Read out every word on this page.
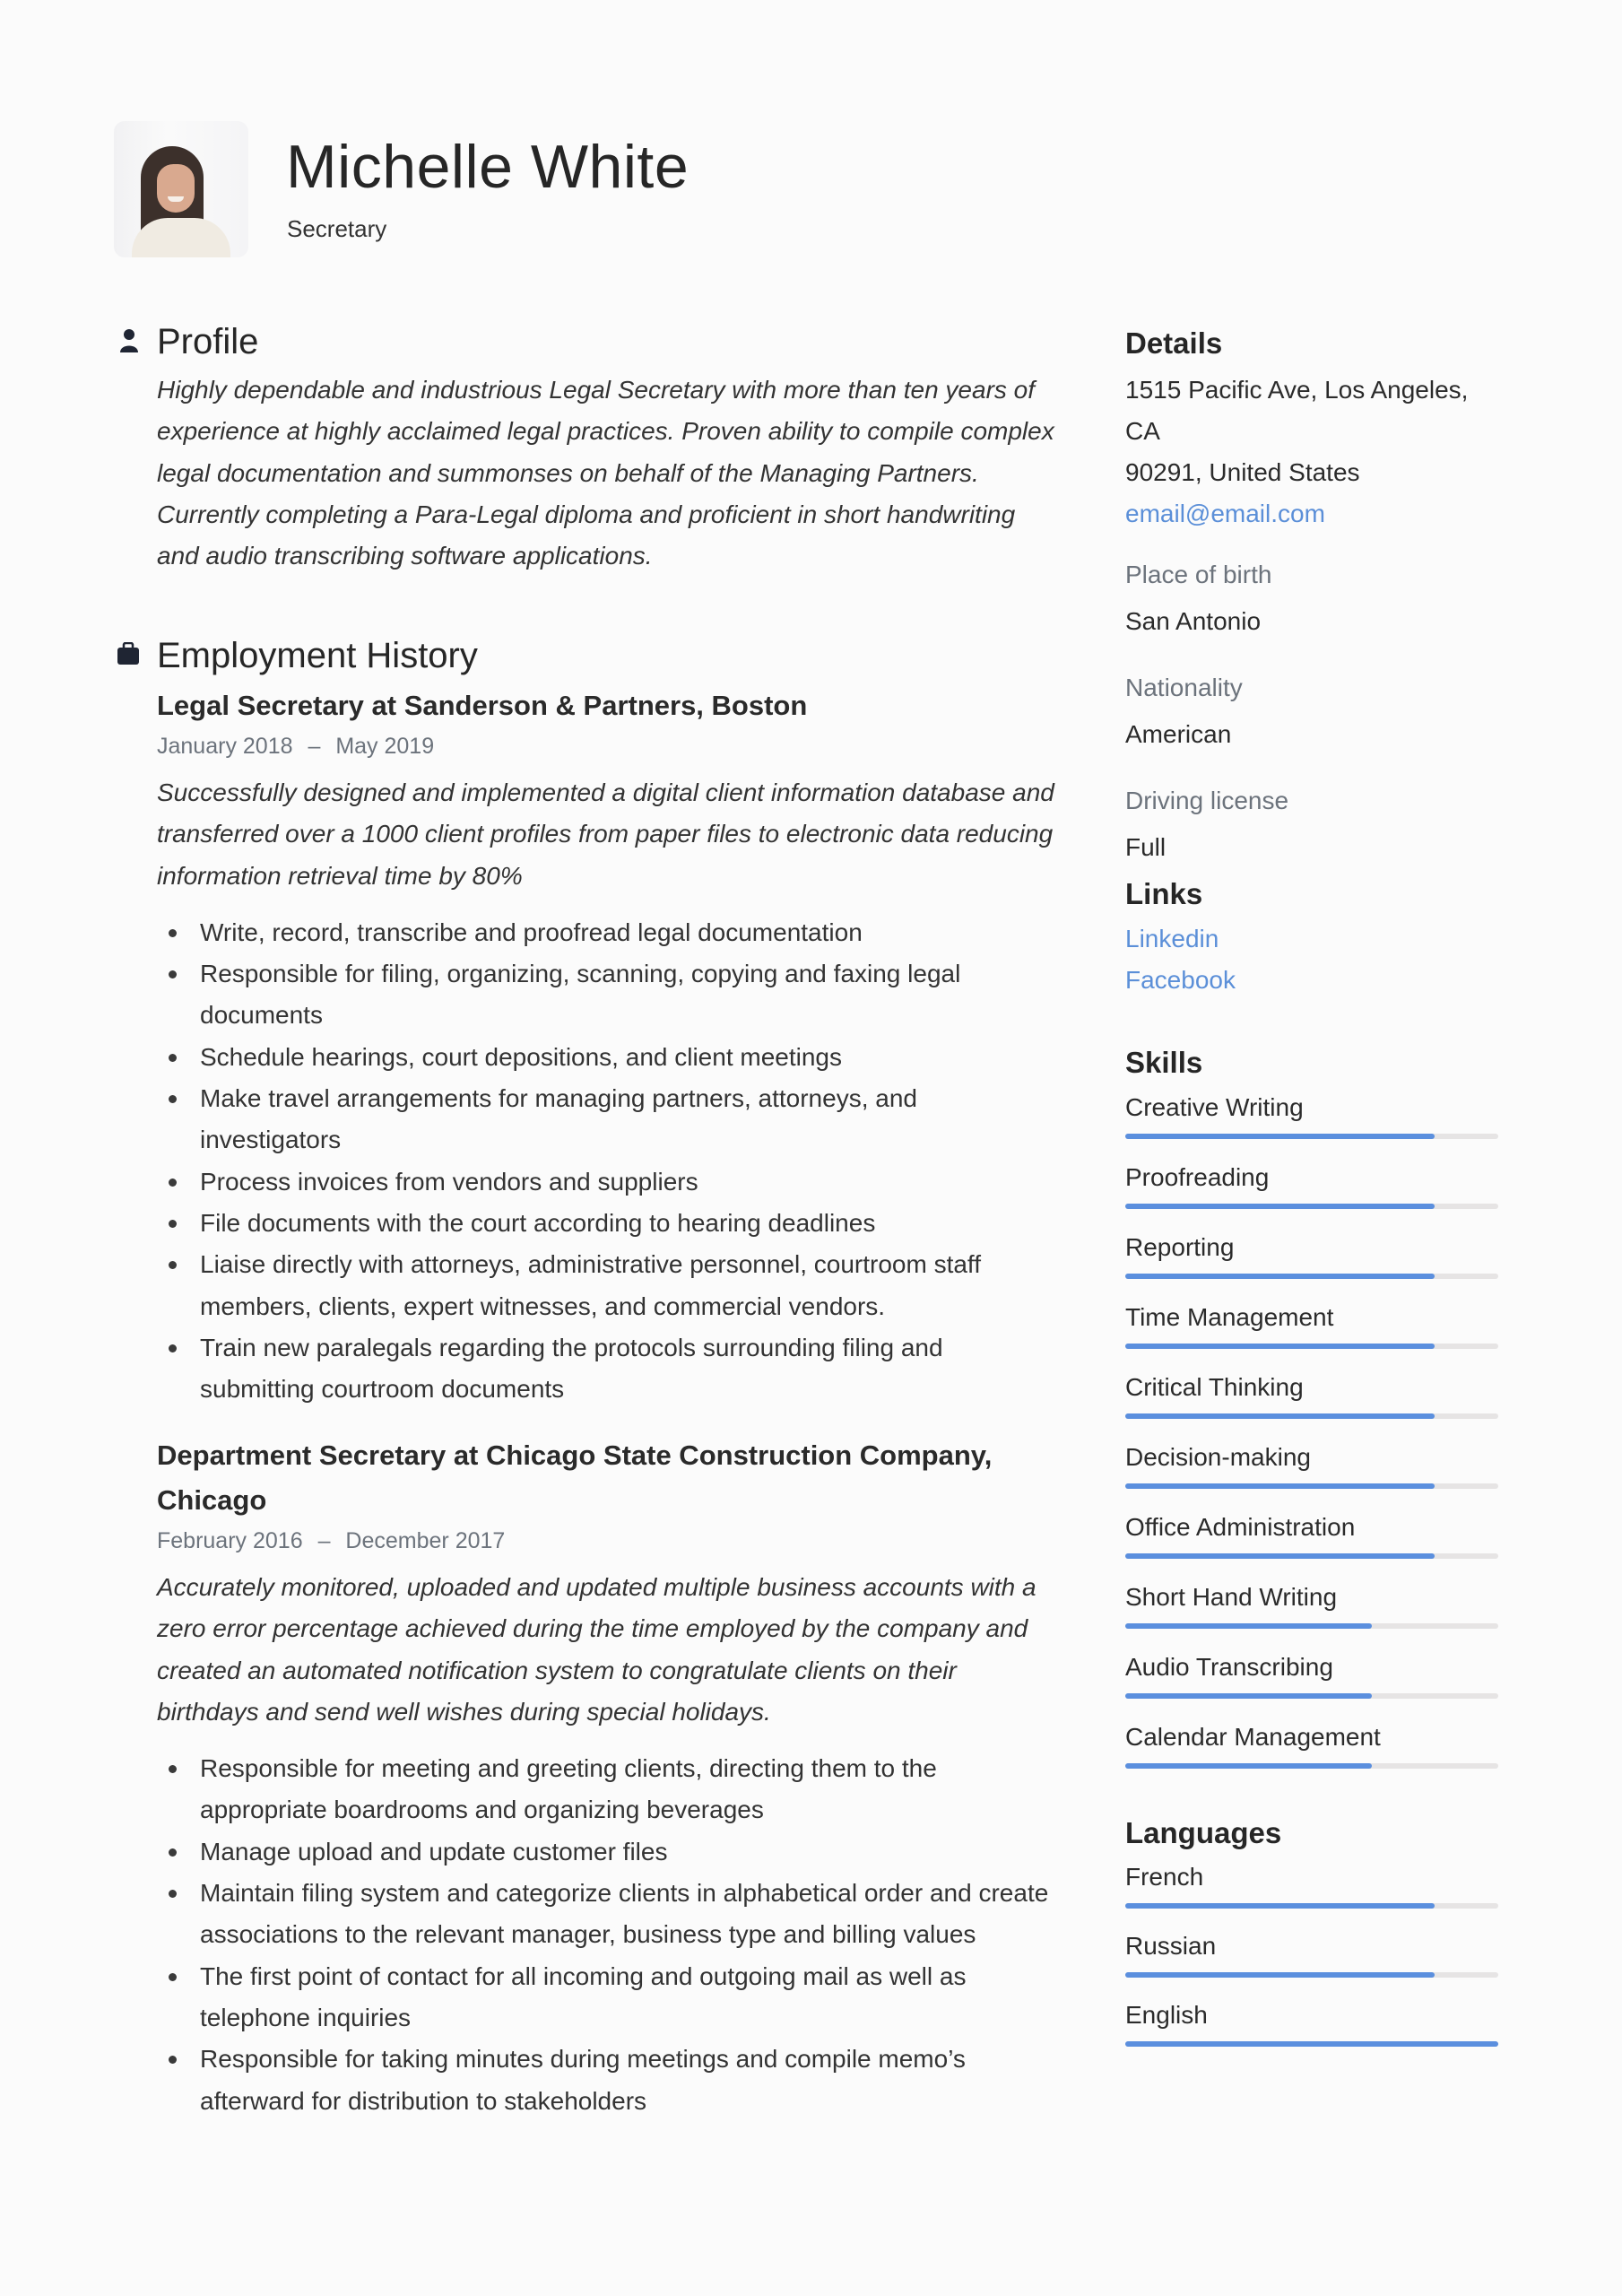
Michelle White
Secretary
Profile
Highly dependable and industrious Legal Secretary with more than ten years of experience at highly acclaimed legal practices. Proven ability to compile complex legal documentation and summonses on behalf of the Managing Partners. Currently completing a Para-Legal diploma and proficient in short handwriting and audio transcribing software applications.
Employment History
Legal Secretary at Sanderson & Partners, Boston
January 2018 – May 2019
Successfully designed and implemented a digital client information database and transferred over a 1000 client profiles from paper files to electronic data reducing information retrieval time by 80%
Write, record, transcribe and proofread legal documentation
Responsible for filing, organizing, scanning, copying and faxing legal documents
Schedule hearings, court depositions, and client meetings
Make travel arrangements for managing partners, attorneys, and investigators
Process invoices from vendors and suppliers
File documents with the court according to hearing deadlines
Liaise directly with attorneys, administrative personnel, courtroom staff members, clients, expert witnesses, and commercial vendors.
Train new paralegals regarding the protocols surrounding filing and submitting courtroom documents
Department Secretary at Chicago State Construction Company, Chicago
February 2016 – December 2017
Accurately monitored, uploaded and updated multiple business accounts with a zero error percentage achieved during the time employed by the company and created an automated notification system to congratulate clients on their birthdays and send well wishes during special holidays.
Responsible for meeting and greeting clients, directing them to the appropriate boardrooms and organizing beverages
Manage upload and update customer files
Maintain filing system and categorize clients in alphabetical order and create associations to the relevant manager, business type and billing values
The first point of contact for all incoming and outgoing mail as well as telephone inquiries
Responsible for taking minutes during meetings and compile memo’s afterward for distribution to stakeholders
Details
1515 Pacific Ave, Los Angeles, CA
90291, United States
email@email.com
Place of birth
San Antonio
Nationality
American
Driving license
Full
Links
Linkedin
Facebook
Skills
Creative Writing
Proofreading
Reporting
Time Management
Critical Thinking
Decision-making
Office Administration
Short Hand Writing
Audio Transcribing
Calendar Management
Languages
French
Russian
English
